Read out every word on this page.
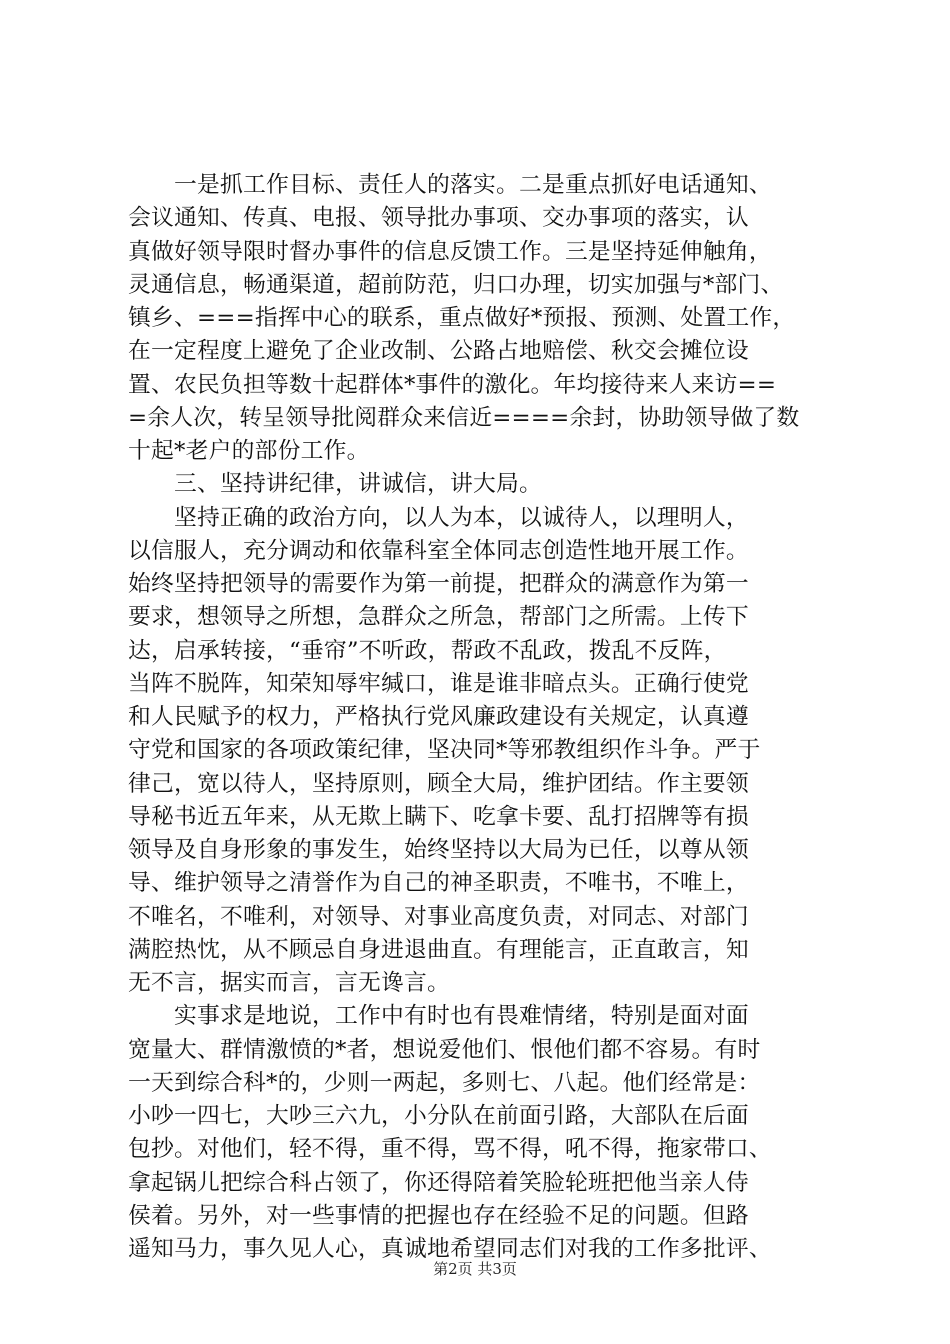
一是抓工作目标、责任人的落实。二是重点抓好电话通知、
会议通知、传真、电报、领导批办事项、交办事项的落实，认
真做好领导限时督办事件的信息反馈工作。三是坚持延伸触角，
灵通信息，畅通渠道，超前防范，归口办理，切实加强与*部门、
镇乡、===指挥中心的联系，重点做好*预报、预测、处置工作，
在一定程度上避免了企业改制、公路占地赔偿、秋交会摊位设
置、农民负担等数十起群体*事件的激化。年均接待来人来访==
=余人次，转呈领导批阅群众来信近====余封，协助领导做了数
十起*老户的部份工作。
三、坚持讲纪律，讲诚信，讲大局。
坚持正确的政治方向，以人为本，以诚待人，以理明人，
以信服人，充分调动和依靠科室全体同志创造性地开展工作。
始终坚持把领导的需要作为第一前提，把群众的满意作为第一
要求，想领导之所想，急群众之所急，帮部门之所需。上传下
达，启承转接，“垂帘”不听政，帮政不乱政，拨乱不反阵，
当阵不脱阵，知荣知辱牢缄口，谁是谁非暗点头。正确行使党
和人民赋予的权力，严格执行党风廉政建设有关规定，认真遵
守党和国家的各项政策纪律，坚决同*等邪教组织作斗争。严于
律己，宽以待人，坚持原则，顾全大局，维护团结。作主要领
导秘书近五年来，从无欺上瞒下、吃拿卡要、乱打招牌等有损
领导及自身形象的事发生，始终坚持以大局为已任，以尊从领
导、维护领导之清誉作为自己的神圣职责，不唯书，不唯上，
不唯名，不唯利，对领导、对事业高度负责，对同志、对部门
满腔热忱，从不顾忌自身进退曲直。有理能言，正直敢言，知
无不言，据实而言，言无谗言。
实事求是地说，工作中有时也有畏难情绪，特别是面对面
宽量大、群情激愤的*者，想说爱他们、恨他们都不容易。有时
一天到综合科*的，少则一两起，多则七、八起。他们经常是：
小吵一四七，大吵三六九，小分队在前面引路，大部队在后面
包抄。对他们，轻不得，重不得，骂不得，吼不得，拖家带口、
拿起锅儿把综合科占领了，你还得陪着笑脸轮班把他当亲人侍
侯着。另外，对一些事情的把握也存在经验不足的问题。但路
遥知马力，事久见人心，真诚地希望同志们对我的工作多批评、
第2页 共3页
